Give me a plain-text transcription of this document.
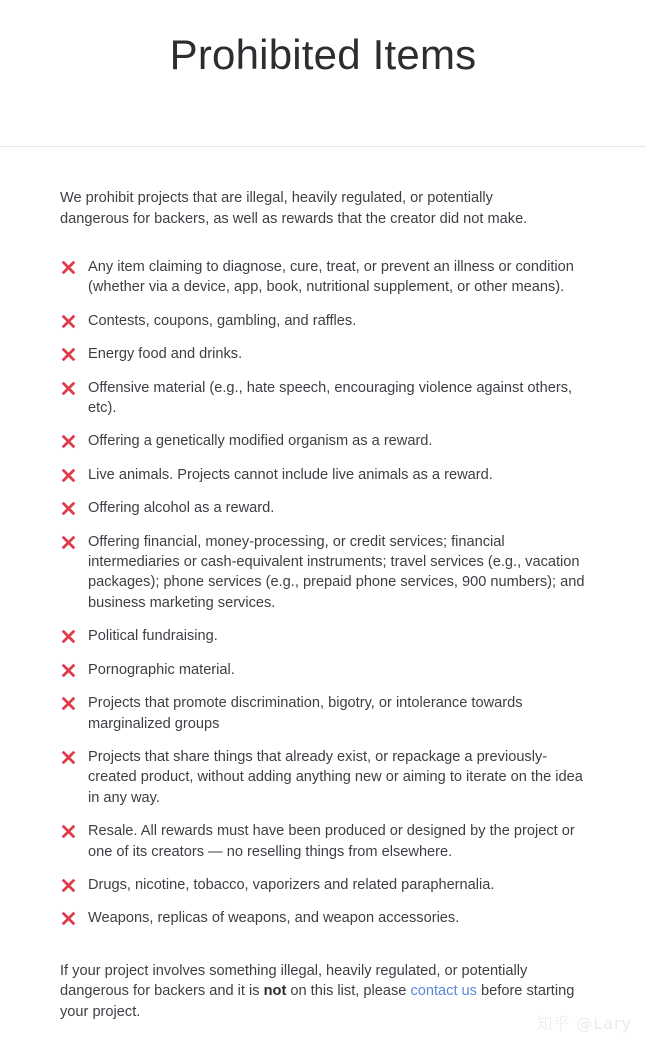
Prohibited Items

We prohibit projects that are illegal, heavily regulated, or potentially dangerous for backers, as well as rewards that the creator did not make.

Any item claiming to diagnose, cure, treat, or prevent an illness or condition (whether via a device, app, book, nutritional supplement, or other means).
Contests, coupons, gambling, and raffles.
Energy food and drinks.
Offensive material (e.g., hate speech, encouraging violence against others, etc).
Offering a genetically modified organism as a reward.
Live animals. Projects cannot include live animals as a reward.
Offering alcohol as a reward.
Offering financial, money-processing, or credit services; financial intermediaries or cash-equivalent instruments; travel services (e.g., vacation packages); phone services (e.g., prepaid phone services, 900 numbers); and business marketing services.
Political fundraising.
Pornographic material.
Projects that promote discrimination, bigotry, or intolerance towards marginalized groups
Projects that share things that already exist, or repackage a previously-created product, without adding anything new or aiming to iterate on the idea in any way.
Resale. All rewards must have been produced or designed by the project or one of its creators — no reselling things from elsewhere.
Drugs, nicotine, tobacco, vaporizers and related paraphernalia.
Weapons, replicas of weapons, and weapon accessories.

If your project involves something illegal, heavily regulated, or potentially dangerous for backers and it is not on this list, please contact us before starting your project.

知乎 @Lary
